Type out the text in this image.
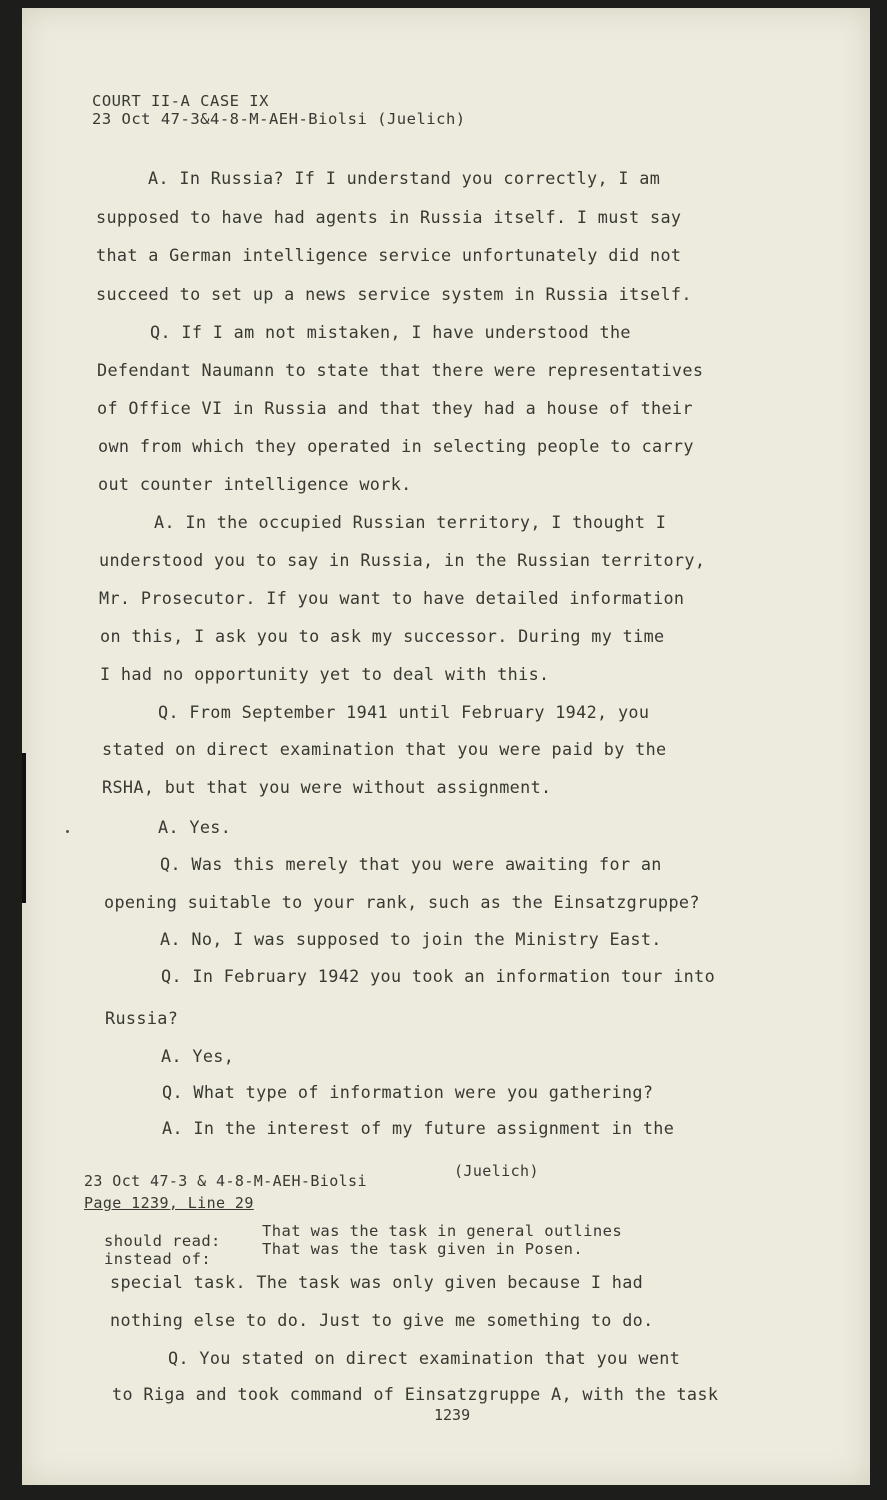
COURT II-A CASE IX
23 Oct 47-3&4-8-M-AEH-Biolsi (Juelich)
A. In Russia? If I understand you correctly, I am
supposed to have had agents in Russia itself. I must say
that a German intelligence service unfortunately did not
succeed to set up a news service system in Russia itself.
Q. If I am not mistaken, I have understood the
Defendant Naumann to state that there were representatives
of Office VI in Russia and that they had a house of their
own from which they operated in selecting people to carry
out counter intelligence work.
A. In the occupied Russian territory, I thought I
understood you to say in Russia, in the Russian territory,
Mr. Prosecutor. If you want to have detailed information
on this, I ask you to ask my successor. During my time
I had no opportunity yet to deal with this.
Q. From September 1941 until February 1942, you
stated on direct examination that you were paid by the
RSHA, but that you were without assignment.
A. Yes.
Q. Was this merely that you were awaiting for an
opening suitable to your rank, such as the Einsatzgruppe?
A. No, I was supposed to join the Ministry East.
Q. In February 1942 you took an information tour into
Russia?
A. Yes,
Q. What type of information were you gathering?
A. In the interest of my future assignment in the
23 Oct 47-3 & 4-8-M-AEH-Biolsi
(Juelich)
Page 1239, Line 29
should read:
That was the task in general outlines
instead of:
That was the task given in Posen.
special task. The task was only given because I had
nothing else to do. Just to give me something to do.
Q. You stated on direct examination that you went
to Riga and took command of Einsatzgruppe A, with the task
1239
